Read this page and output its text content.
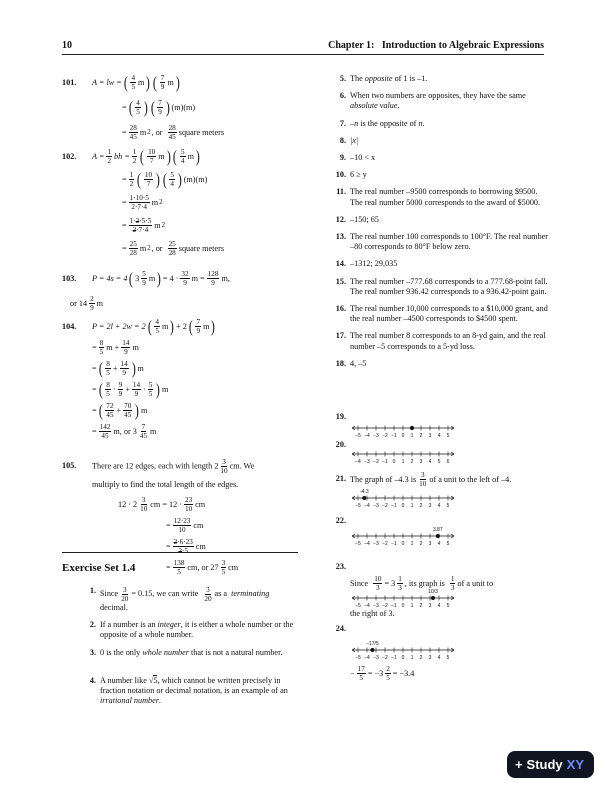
10	Chapter 1: Introduction to Algebraic Expressions
101. A = lw = ( 4
5 m ) ( 7
9 m )
= ( 4
5 ) ( 7
9 ) (m)(m)
= 28
45 m 2 , or
28
45 square meters
102. $A = \frac{1}{2}$ bh = $\frac{1}{2}$ ( 10
7 m ) ( 5
4 m )
= 1
2 ( 10
7 ) ( 5
4 ) (m)(m)
= 1·10·5
2·7·4 m 2
= 1·2·5·5
2·7·4 m 2
= 25
28 m 2 , or
25
28 square meters
103. P = 4s = 4 ( 3 5
9 m ) = 4 · 32
9 m = 128
9 m,
or 14 2
9 m
104. P = 2l + 2w = 2 ( 4
5 m ) + 2 ( 7
9 m )
= 8
5 m + 14
9 m
= ( 8
5 + 14
9 ) m
= ( 8
5 · 9
9 + 14
9 · 5
5 ) m
= ( 72
45 + 70
45 ) m
= 142
45 m, or 3 7
45 m
105. There are 12 edges, each with length $2 \frac{3}{10}$ cm. We
multiply to find the total length of the edges.
12 · 2 3
10 cm = 12 · 23
10 cm
= 12·23
10 cm
= 2·6·23
2·5 cm
= 138
5 cm, or 27 3
5 cm
Exercise Set 1.4
1. Since $\frac{3}{20} = 0.15$, we can write
3
20
as a
terminating

decimal.
2. If a number is an integer, it is either a whole number or the opposite of a whole number.
3. 0 is the only whole number that is not a natural number.
4. A number like √5, which cannot be written precisely in fraction notation or decimal notation, is an example of an irrational number.
5. The opposite of 1 is –1.
6. When two numbers are opposites, they have the same absolute value.
7. –n is the opposite of n.
8. |x|
9. –10 < x
10. 6 ≥ y
11. The real number –9500 corresponds to borrowing $9500. The real number 5000 corresponds to the award of $5000.
12. –150; 65
13. The real number 100 corresponds to 100°F. The real number –80 corresponds to 80°F below zero.
14. –1312; 29,035
15. The real number –777.68 corresponds to a 777.68-point fall. The real number 936.42 corresponds to a 936.42-point gain.
16. The real number 10,000 corresponds to a $10,000 grant, and the real number –4500 corresponds to $4500 spent.
17. The real number 8 corresponds to an 8-yd gain, and the real number –5 corresponds to a 5-yd loss.
18. 4, –5
19.
−5 −4 −3 −2 −1 0 1 2 3 4 5
20.
−4 −3 −2 −1 0 1 2 3 4 5 6
21. The graph of –4.3 is 3
10 of a unit to the left of –4.
−5 −4 −3 −2 −1 0 1 2 3 4 5
-4.3
22.
−5 −4 −3 −2 −1 0 1 2 3 4 5
3.87
23.
Since
10
3 = 3 1
3 , its graph is
1
3 of a unit to
the right of 3.
−5 −4 −3 −2 −1 0 1 2 3 4 5
10/3
24.
− 17
5 = −3 2
5 = −3.4
−5 −4 −3 −2 −1 0 1 2 3 4 5
−17/5
+ Study XY
